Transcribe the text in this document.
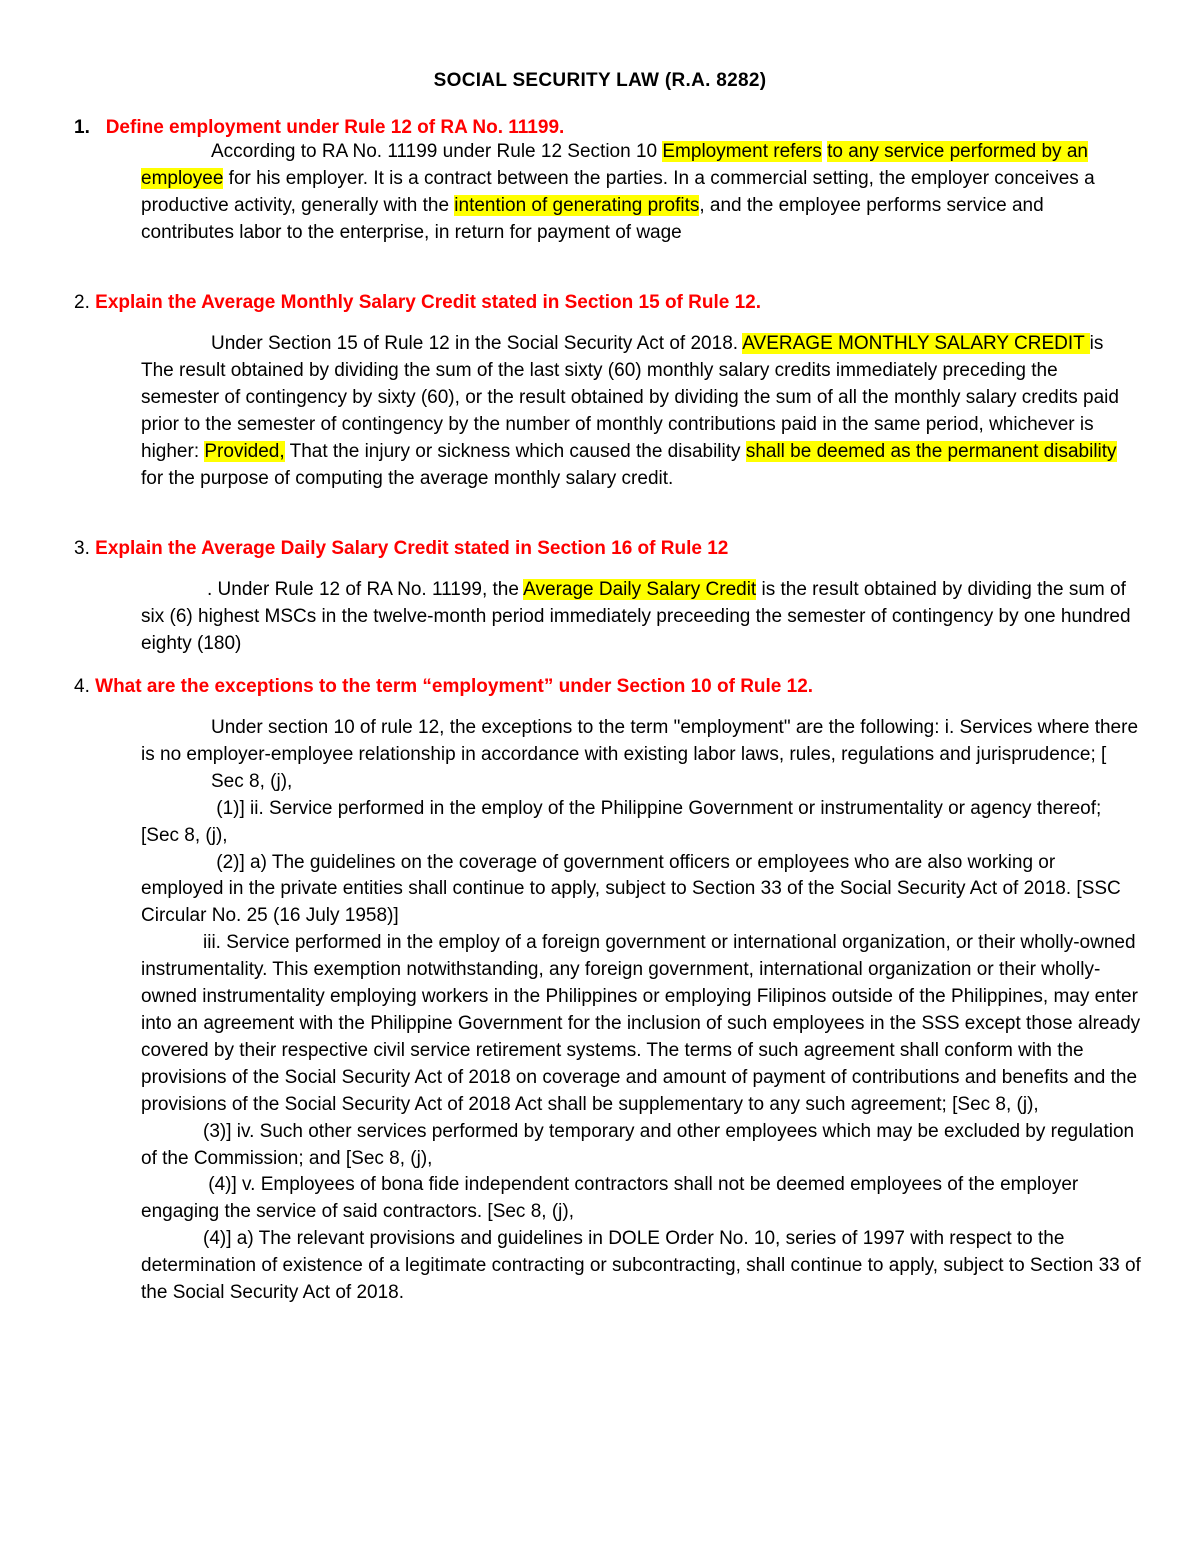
SOCIAL SECURITY LAW (R.A. 8282)
1. Define employment under Rule 12 of RA No. 11199.

According to RA No. 11199 under Rule 12 Section 10 Employment refers to any service performed by an employee for his employer. It is a contract between the parties. In a commercial setting, the employer conceives a productive activity, generally with the intention of generating profits, and the employee performs service and contributes labor to the enterprise, in return for payment of wage

2. Explain the Average Monthly Salary Credit stated in Section 15 of Rule 12.

Under Section 15 of Rule 12 in the Social Security Act of 2018. AVERAGE MONTHLY SALARY CREDIT is The result obtained by dividing the sum of the last sixty (60) monthly salary credits immediately preceding the semester of contingency by sixty (60), or the result obtained by dividing the sum of all the monthly salary credits paid prior to the semester of contingency by the number of monthly contributions paid in the same period, whichever is higher: Provided, That the injury or sickness which caused the disability shall be deemed as the permanent disability for the purpose of computing the average monthly salary credit.

3. Explain the Average Daily Salary Credit stated in Section 16 of Rule 12

. Under Rule 12 of RA No. 11199, the Average Daily Salary Credit is the result obtained by dividing the sum of six (6) highest MSCs in the twelve-month period immediately preceeding the semester of contingency by one hundred eighty (180)

4. What are the exceptions to the term “employment” under Section 10 of Rule 12.

Under section 10 of rule 12, the exceptions to the term "employment" are the following: i. Services where there is no employer-employee relationship in accordance with existing labor laws, rules, regulations and jurisprudence; [

Sec 8, (j),

(1)] ii. Service performed in the employ of the Philippine Government or instrumentality or agency thereof; [Sec 8, (j),

(2)] a) The guidelines on the coverage of government officers or employees who are also working or employed in the private entities shall continue to apply, subject to Section 33 of the Social Security Act of 2018. [SSC Circular No. 25 (16 July 1958)]

iii. Service performed in the employ of a foreign government or international organization, or their wholly-owned instrumentality. This exemption notwithstanding, any foreign government, international organization or their wholly-owned instrumentality employing workers in the Philippines or employing Filipinos outside of the Philippines, may enter into an agreement with the Philippine Government for the inclusion of such employees in the SSS except those already covered by their respective civil service retirement systems. The terms of such agreement shall conform with the provisions of the Social Security Act of 2018 on coverage and amount of payment of contributions and benefits and the provisions of the Social Security Act of 2018 Act shall be supplementary to any such agreement; [Sec 8, (j),

(3)] iv. Such other services performed by temporary and other employees which may be excluded by regulation of the Commission; and [Sec 8, (j),

(4)] v. Employees of bona fide independent contractors shall not be deemed employees of the employer engaging the service of said contractors. [Sec 8, (j),

(4)] a) The relevant provisions and guidelines in DOLE Order No. 10, series of 1997 with respect to the determination of existence of a legitimate contracting or subcontracting, shall continue to apply, subject to Section 33 of the Social Security Act of 2018.
